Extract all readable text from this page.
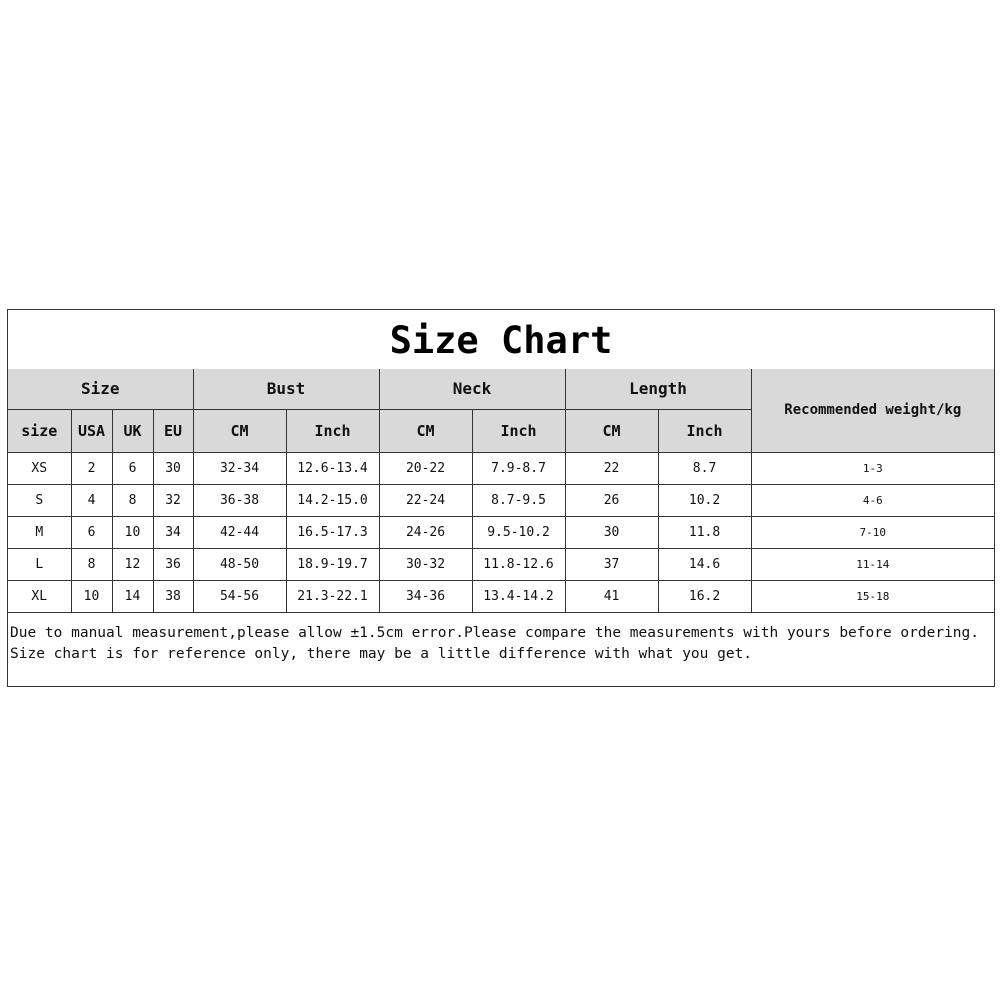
Size Chart
Size				Bust		Neck		Length		Recommended weight/kg
size	USA	UK	EU	CM	Inch	CM	Inch	CM	Inch	
XS	2	6	30	32-34	12.6-13.4	20-22	7.9-8.7	22	8.7	1-3
S	4	8	32	36-38	14.2-15.0	22-24	8.7-9.5	26	10.2	4-6
M	6	10	34	42-44	16.5-17.3	24-26	9.5-10.2	30	11.8	7-10
L	8	12	36	48-50	18.9-19.7	30-32	11.8-12.6	37	14.6	11-14
XL	10	14	38	54-56	21.3-22.1	34-36	13.4-14.2	41	16.2	15-18
Due to manual measurement,please allow ±1.5cm error.Please compare the measurements with yours before ordering.
Size chart is for reference only, there may be a little difference with what you get.
